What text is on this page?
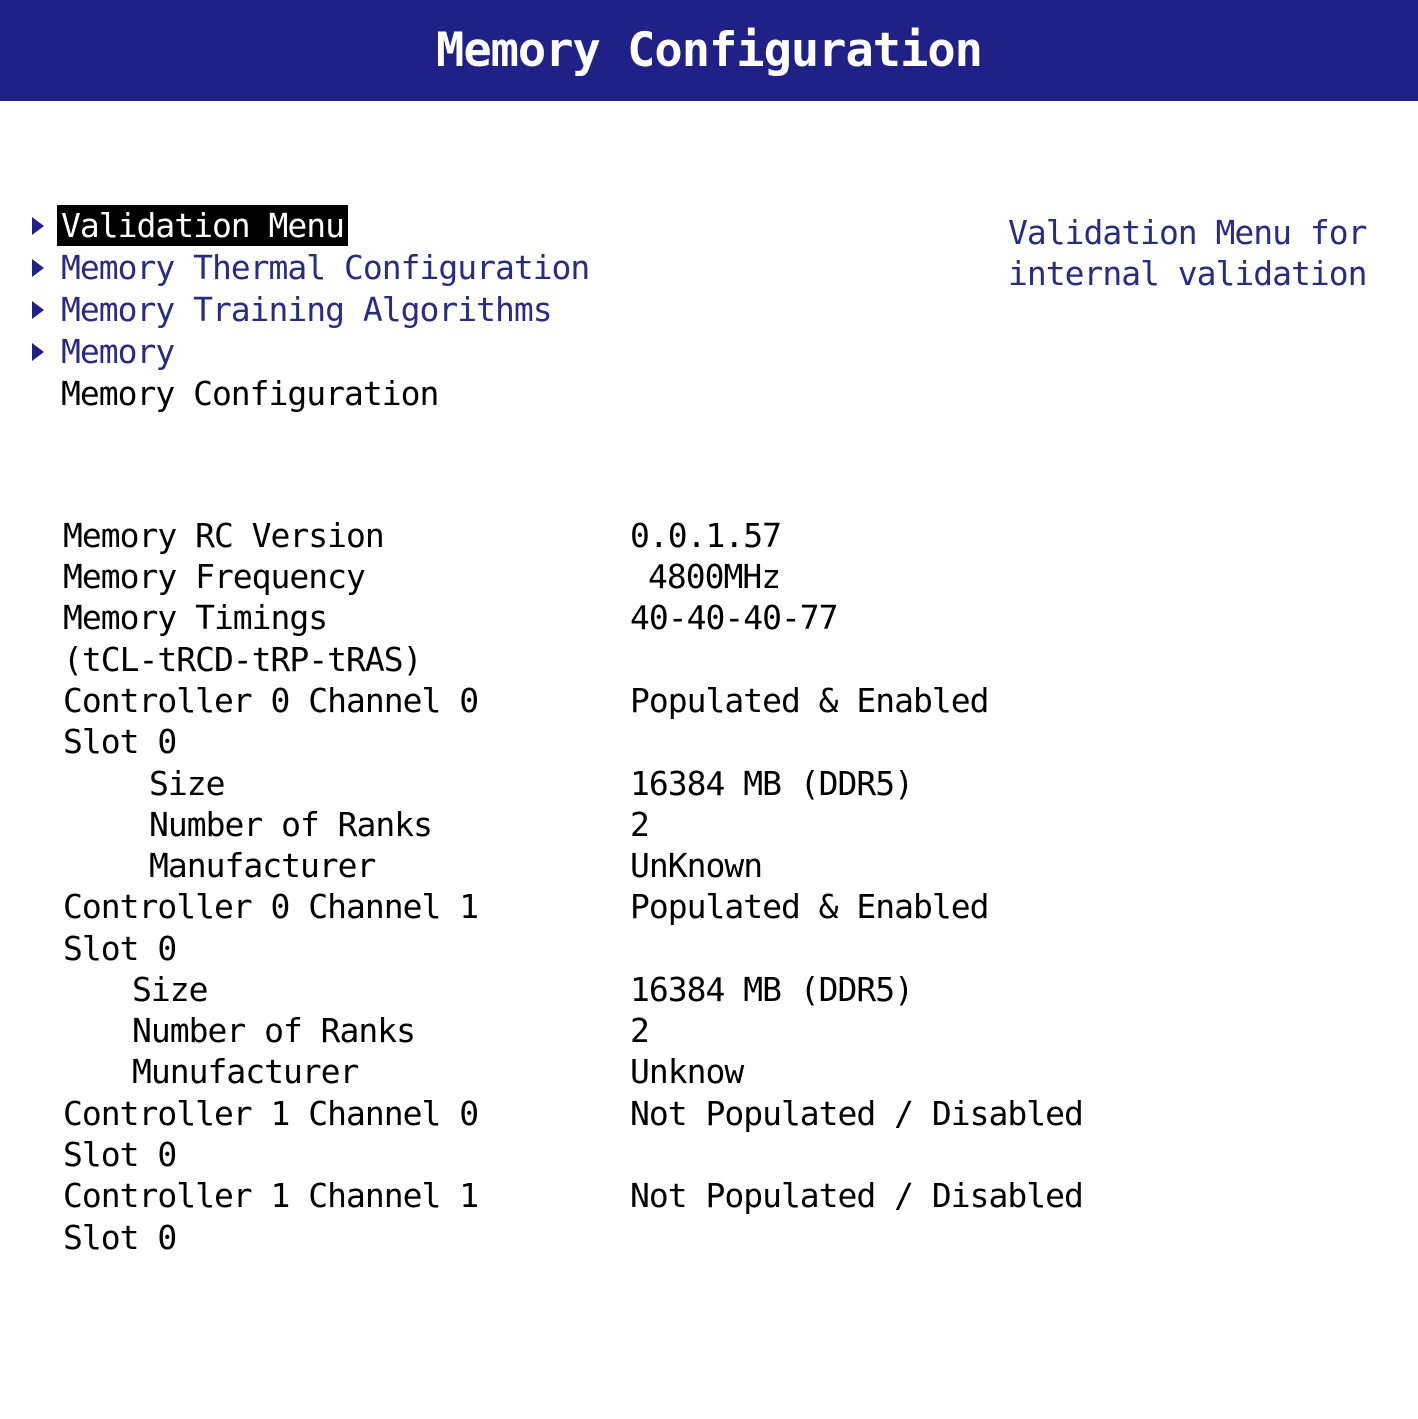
Memory Configuration
Validation Menu
Memory Thermal Configuration
Memory Training Algorithms
Memory
Memory Configuration
Validation Menu for
internal validation
Memory RC Version	0.0.1.57
Memory Frequency	4800MHz
Memory Timings	40-40-40-77
(tCL-tRCD-tRP-tRAS)
Controller 0 Channel 0	Populated & Enabled
Slot 0
Size	16384 MB (DDR5)
Number of Ranks	2
Manufacturer	UnKnown
Controller 0 Channel 1	Populated & Enabled
Slot 0
Size	16384 MB (DDR5)
Number of Ranks	2
Munufacturer	Unknow
Controller 1 Channel 0	Not Populated / Disabled
Slot 0
Controller 1 Channel 1	Not Populated / Disabled
Slot 0
